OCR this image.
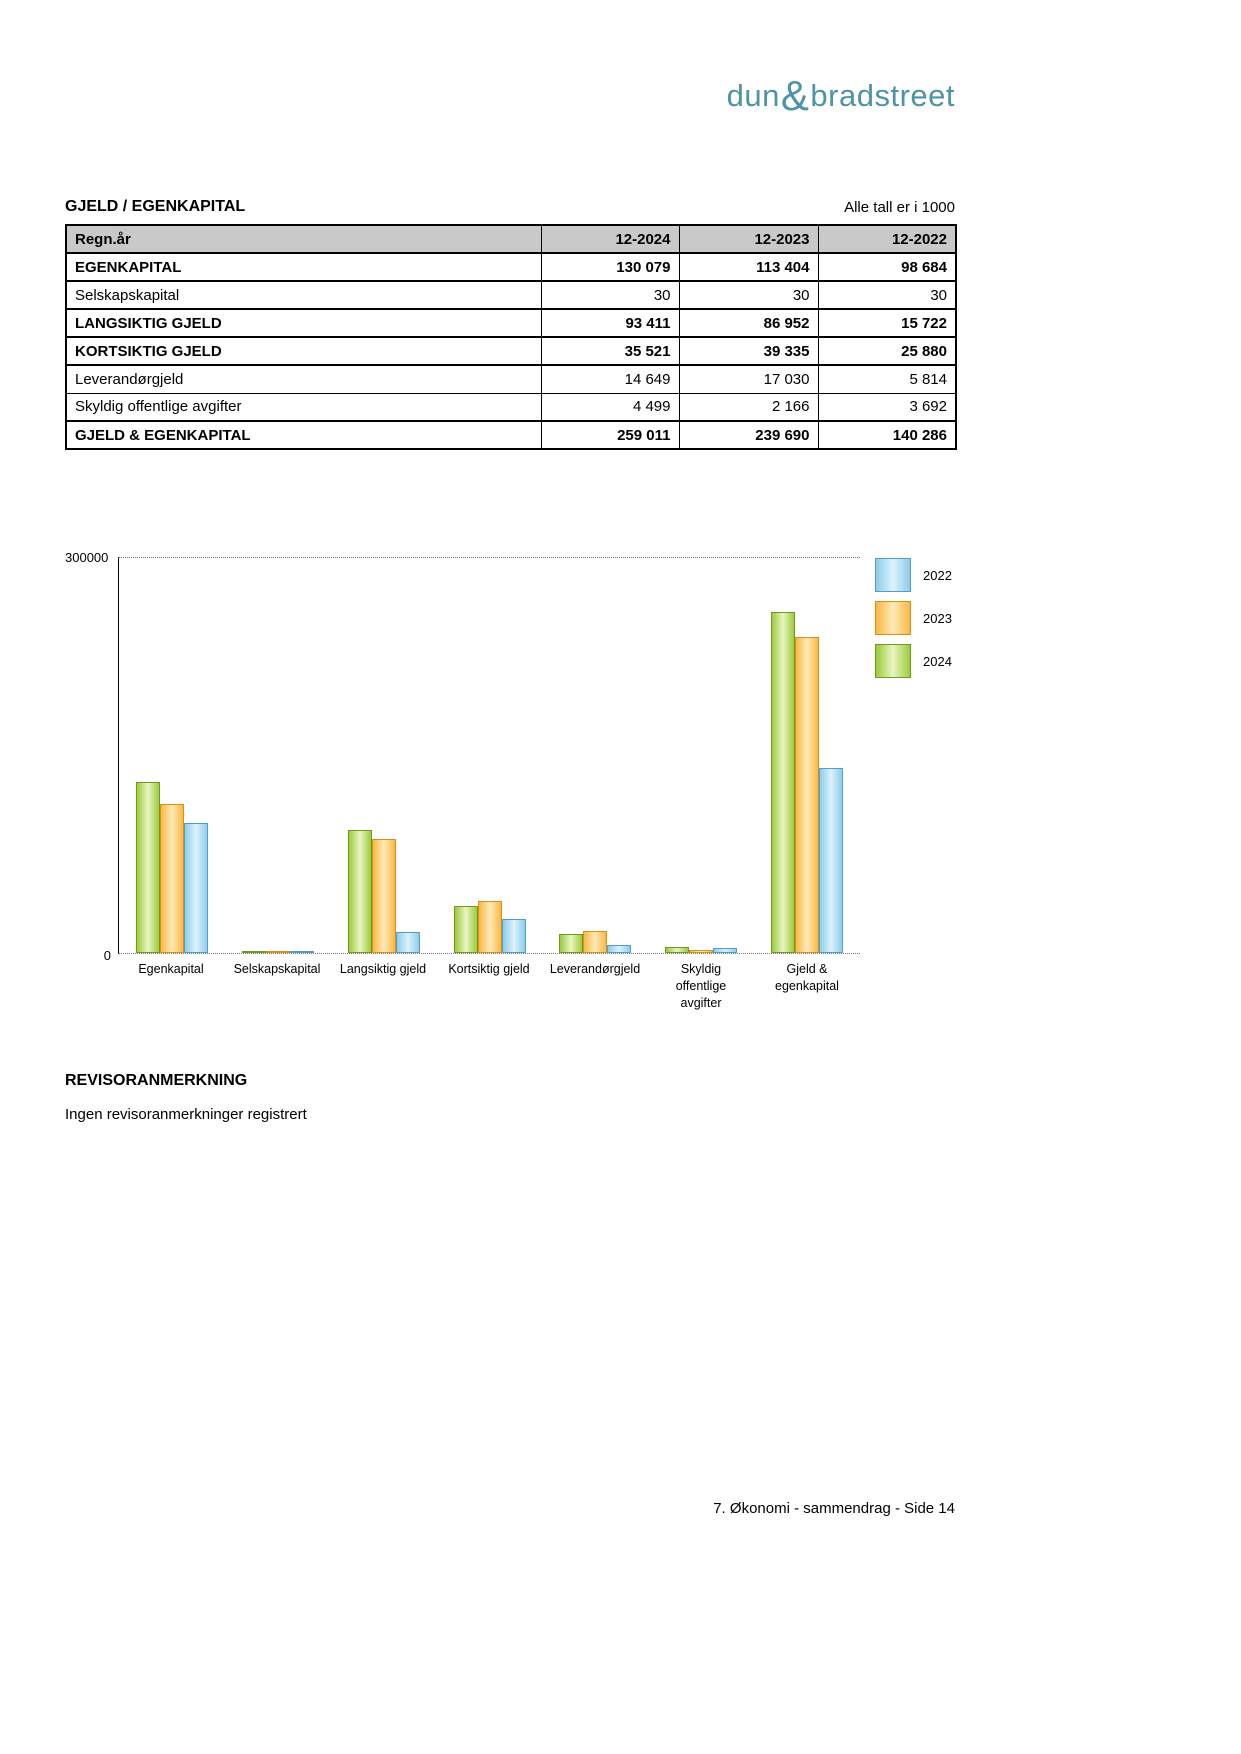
dun&bradstreet
GJELD / EGENKAPITAL	Alle tall er i 1000
Regn.år	12-2024	12-2023	12-2022
EGENKAPITAL	130 079	113 404	98 684
Selskapskapital	30	30	30
LANGSIKTIG GJELD	93 411	86 952	15 722
KORTSIKTIG GJELD	35 521	39 335	25 880
Leverandørgjeld	14 649	17 030	5 814
Skyldig offentlige avgifter	4 499	2 166	3 692
GJELD & EGENKAPITAL	259 011	239 690	140 286
300000
0
Egenkapital	Selskapskapital	Langsiktig gjeld	Kortsiktig gjeld	Leverandørgjeld	Skyldig offentlige avgifter
Gjeld & egenkapital
2022
2023
2024
REVISORANMERKNING
Ingen revisoranmerkninger registrert
7. Økonomi - sammendrag - Side 14
